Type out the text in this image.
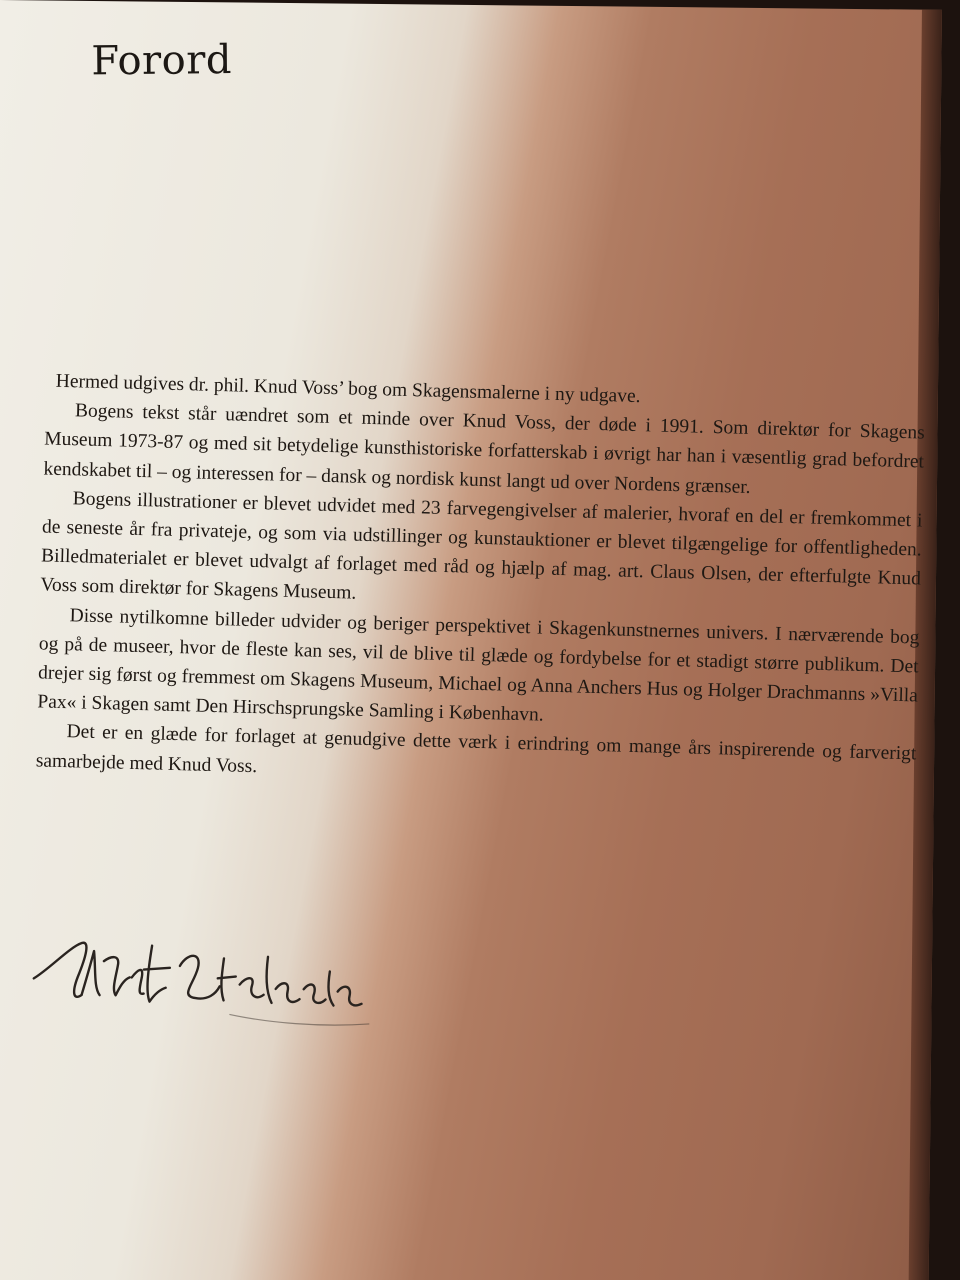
Forord

Hermed udgives dr. phil. Knud Voss’ bog om Skagensmalerne i ny udgave.

Bogens tekst står uændret som et minde over Knud Voss, der døde i 1991. Som direktør for Skagens Museum 1973-87 og med sit betydelige kunsthistoriske forfatterskab i øvrigt har han i væsentlig grad befordret kendskabet til – og interessen for – dansk og nordisk kunst langt ud over Nordens grænser.

Bogens illustrationer er blevet udvidet med 23 farvegengivelser af malerier, hvoraf en del er fremkommet i de seneste år fra privateje, og som via udstillinger og kunstauktioner er blevet tilgængelige for offentligheden. Billedmaterialet er blevet udvalgt af forlaget med råd og hjælp af mag. art. Claus Olsen, der efterfulgte Knud Voss som direktør for Skagens Museum.

Disse nytilkomne billeder udvider og beriger perspektivet i Skagenkunstnernes univers. I nærværende bog og på de museer, hvor de fleste kan ses, vil de blive til glæde og fordybelse for et stadigt større publikum. Det drejer sig først og fremmest om Skagens Museum, Michael og Anna Anchers Hus og Holger Drachmanns »Villa Pax« i Skagen samt Den Hirschsprungske Samling i København.

Det er en glæde for forlaget at genudgive dette værk i erindring om mange års inspirerende og farverigt samarbejde med Knud Voss.
